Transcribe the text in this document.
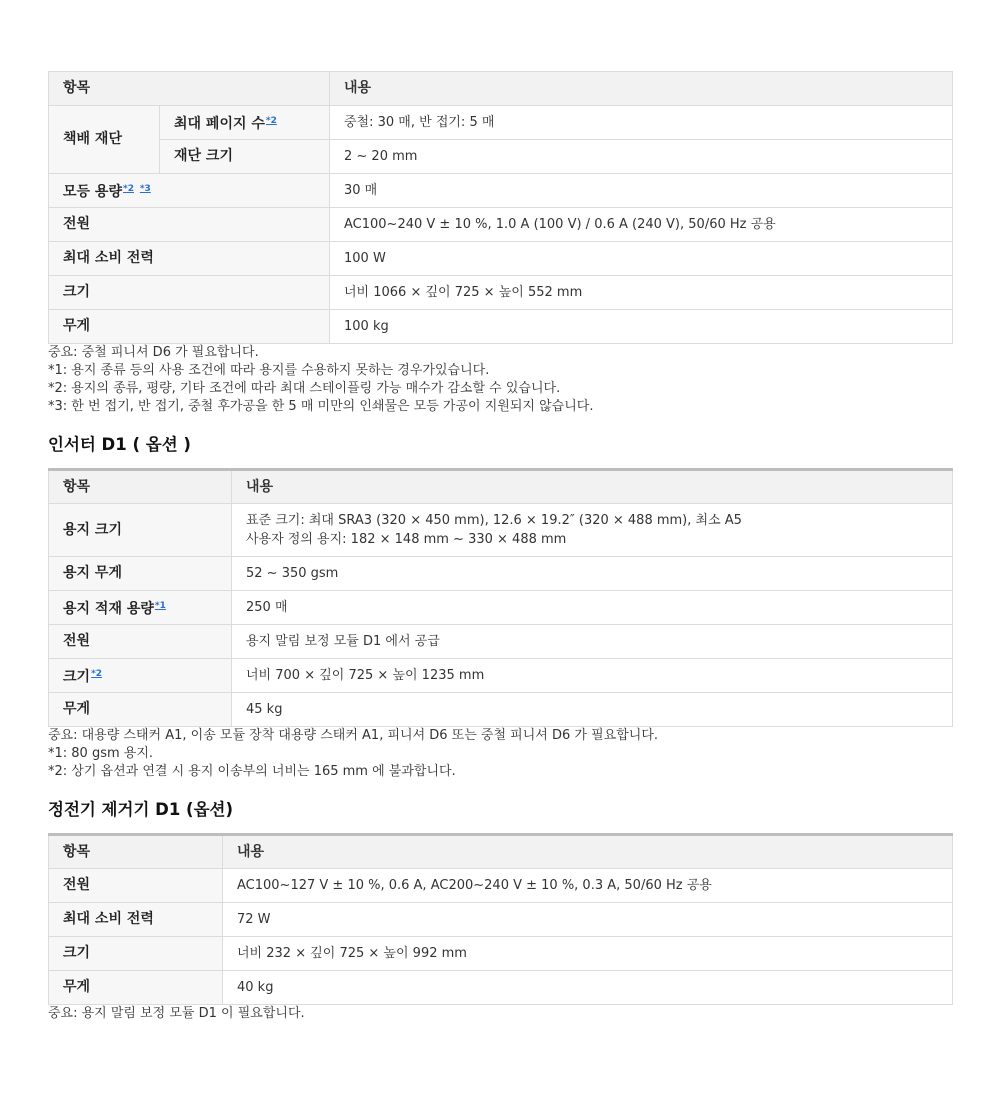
항목		내용
책배 재단	최대 페이지 수$^{*2}$	중철: 30 매, 반 접기: 5 매
	재단 크기	2 ~ 20 mm
모등 용량$^{*2}$ $^{*3}$		30 매
전원		AC100~240 V ± 10 %, 1.0 A (100 V) / 0.6 A (240 V), 50/60 Hz 공용
최대 소비 전력		100 W
크기		너비 1066 × 깊이 725 × 높이 552 mm
무게		100 kg
중요: 중철 피니셔 D6 가 필요합니다.
*1: 용지 종류 등의 사용 조건에 따라 용지를 수용하지 못하는 경우가있습니다.
*2: 용지의 종류, 평량, 기타 조건에 따라 최대 스테이플링 가능 매수가 감소할 수 있습니다.
*3: 한 번 접기, 반 접기, 중철 후가공을 한 5 매 미만의 인쇄물은 모등 가공이 지원되지 않습니다.
인서터 D1 ( 옵션 )
항목	내용
용지 크기	표준 크기: 최대 SRA3 (320 × 450 mm), 12.6 × 19.2″ (320 × 488 mm), 최소 A5
사용자 정의 용지: 182 × 148 mm ~ 330 × 488 mm

용지 무게	52 ~ 350 gsm
용지 적재 용량$^{*1}$	250 매
전원	용지 말림 보정 모듈 D1 에서 공급
크기$^{*2}$	너비 700 × 깊이 725 × 높이 1235 mm
무게	45 kg
중요: 대용량 스태커 A1, 이송 모듈 장착 대용량 스태커 A1, 피니셔 D6 또는 중철 피니셔 D6 가 필요합니다.
*1: 80 gsm 용지.
*2: 상기 옵션과 연결 시 용지 이송부의 너비는 165 mm 에 불과합니다.
정전기 제거기 D1 (옵션)
항목	내용
전원	AC100~127 V ± 10 %, 0.6 A, AC200~240 V ± 10 %, 0.3 A, 50/60 Hz 공용
최대 소비 전력	72 W
크기	너비 232 × 깊이 725 × 높이 992 mm
무게	40 kg
중요: 용지 말림 보정 모듈 D1 이 필요합니다.
